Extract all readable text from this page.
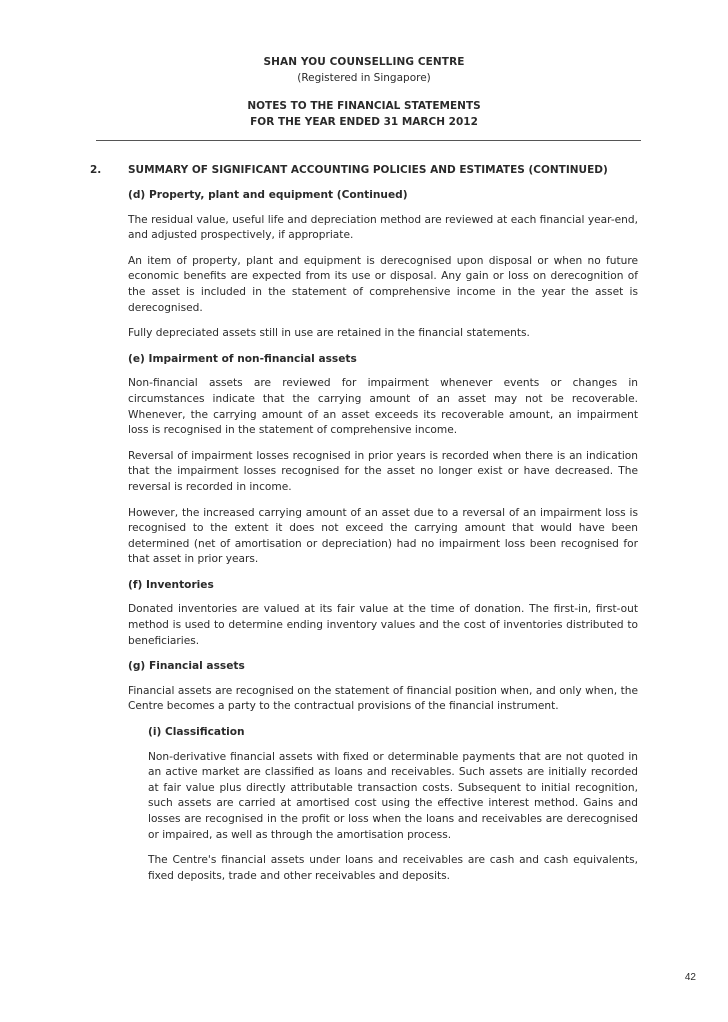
SHAN YOU COUNSELLING CENTRE
(Registered in Singapore)
NOTES TO THE FINANCIAL STATEMENTS
FOR THE YEAR ENDED 31 MARCH 2012
2.	SUMMARY OF SIGNIFICANT ACCOUNTING POLICIES AND ESTIMATES (CONTINUED)
(d) Property, plant and equipment (Continued)

The residual value, useful life and depreciation method are reviewed at each financial year-end, and adjusted prospectively, if appropriate.

An item of property, plant and equipment is derecognised upon disposal or when no future economic benefits are expected from its use or disposal. Any gain or loss on derecognition of the asset is included in the statement of comprehensive income in the year the asset is derecognised.

Fully depreciated assets still in use are retained in the financial statements.

(e) Impairment of non-financial assets

Non-financial assets are reviewed for impairment whenever events or changes in circumstances indicate that the carrying amount of an asset may not be recoverable. Whenever, the carrying amount of an asset exceeds its recoverable amount, an impairment loss is recognised in the statement of comprehensive income.

Reversal of impairment losses recognised in prior years is recorded when there is an indication that the impairment losses recognised for the asset no longer exist or have decreased. The reversal is recorded in income.

However, the increased carrying amount of an asset due to a reversal of an impairment loss is recognised to the extent it does not exceed the carrying amount that would have been determined (net of amortisation or depreciation) had no impairment loss been recognised for that asset in prior years.

(f) Inventories

Donated inventories are valued at its fair value at the time of donation. The first-in, first-out method is used to determine ending inventory values and the cost of inventories distributed to beneficiaries.

(g) Financial assets

Financial assets are recognised on the statement of financial position when, and only when, the Centre becomes a party to the contractual provisions of the financial instrument.

(i) Classification

Non-derivative financial assets with fixed or determinable payments that are not quoted in an active market are classified as loans and receivables. Such assets are initially recorded at fair value plus directly attributable transaction costs. Subsequent to initial recognition, such assets are carried at amortised cost using the effective interest method. Gains and losses are recognised in the profit or loss when the loans and receivables are derecognised or impaired, as well as through the amortisation process.

The Centre's financial assets under loans and receivables are cash and cash equivalents, fixed deposits, trade and other receivables and deposits.

42
